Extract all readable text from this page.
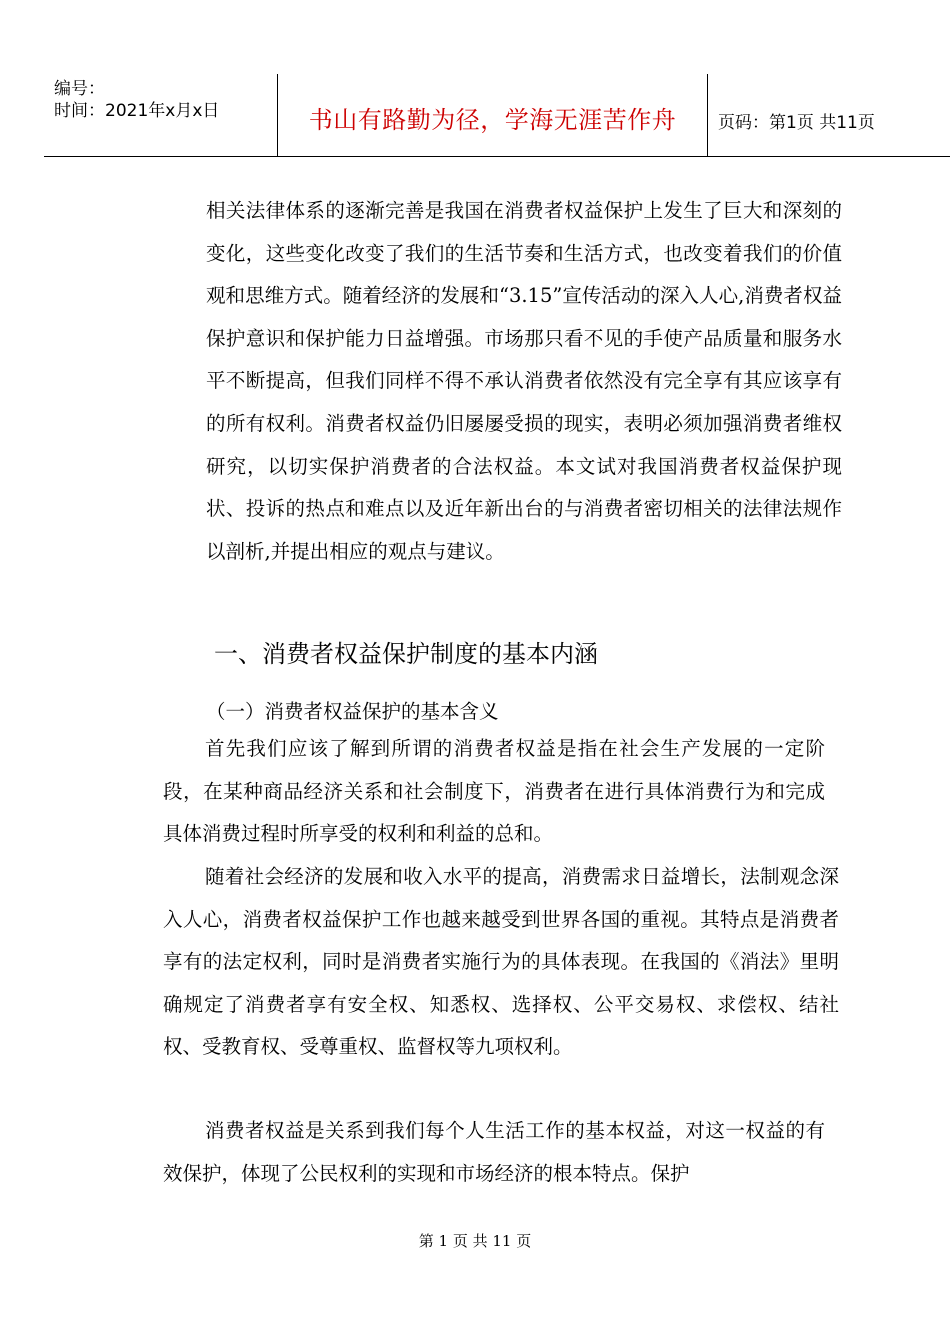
编号：
时间：2021年x月x日	书山有路勤为径，学海无涯苦作舟	页码：第1页 共11页
相关法律体系的逐渐完善是我国在消费者权益保护上发生了巨大和深刻的变化，这些变化改变了我们的生活节奏和生活方式，也改变着我们的价值观和思维方式。随着经济的发展和“3.15”宣传活动的深入人心,消费者权益保护意识和保护能力日益增强。市场那只看不见的手使产品质量和服务水平不断提高，但我们同样不得不承认消费者依然没有完全享有其应该享有的所有权利。消费者权益仍旧屡屡受损的现实，表明必须加强消费者维权研究，以切实保护消费者的合法权益。本文试对我国消费者权益保护现状、投诉的热点和难点以及近年新出台的与消费者密切相关的法律法规作以剖析,并提出相应的观点与建议。
一、消费者权益保护制度的基本内涵
（一）消费者权益保护的基本含义
首先我们应该了解到所谓的消费者权益是指在社会生产发展的一定阶段，在某种商品经济关系和社会制度下，消费者在进行具体消费行为和完成具体消费过程时所享受的权利和利益的总和。
随着社会经济的发展和收入水平的提高，消费需求日益增长，法制观念深入人心，消费者权益保护工作也越来越受到世界各国的重视。其特点是消费者享有的法定权利，同时是消费者实施行为的具体表现。在我国的《消法》里明确规定了消费者享有安全权、知悉权、选择权、公平交易权、求偿权、结社权、受教育权、受尊重权、监督权等九项权利。
消费者权益是关系到我们每个人生活工作的基本权益，对这一权益的有效保护，体现了公民权利的实现和市场经济的根本特点。保护
第 1 页 共 11 页
